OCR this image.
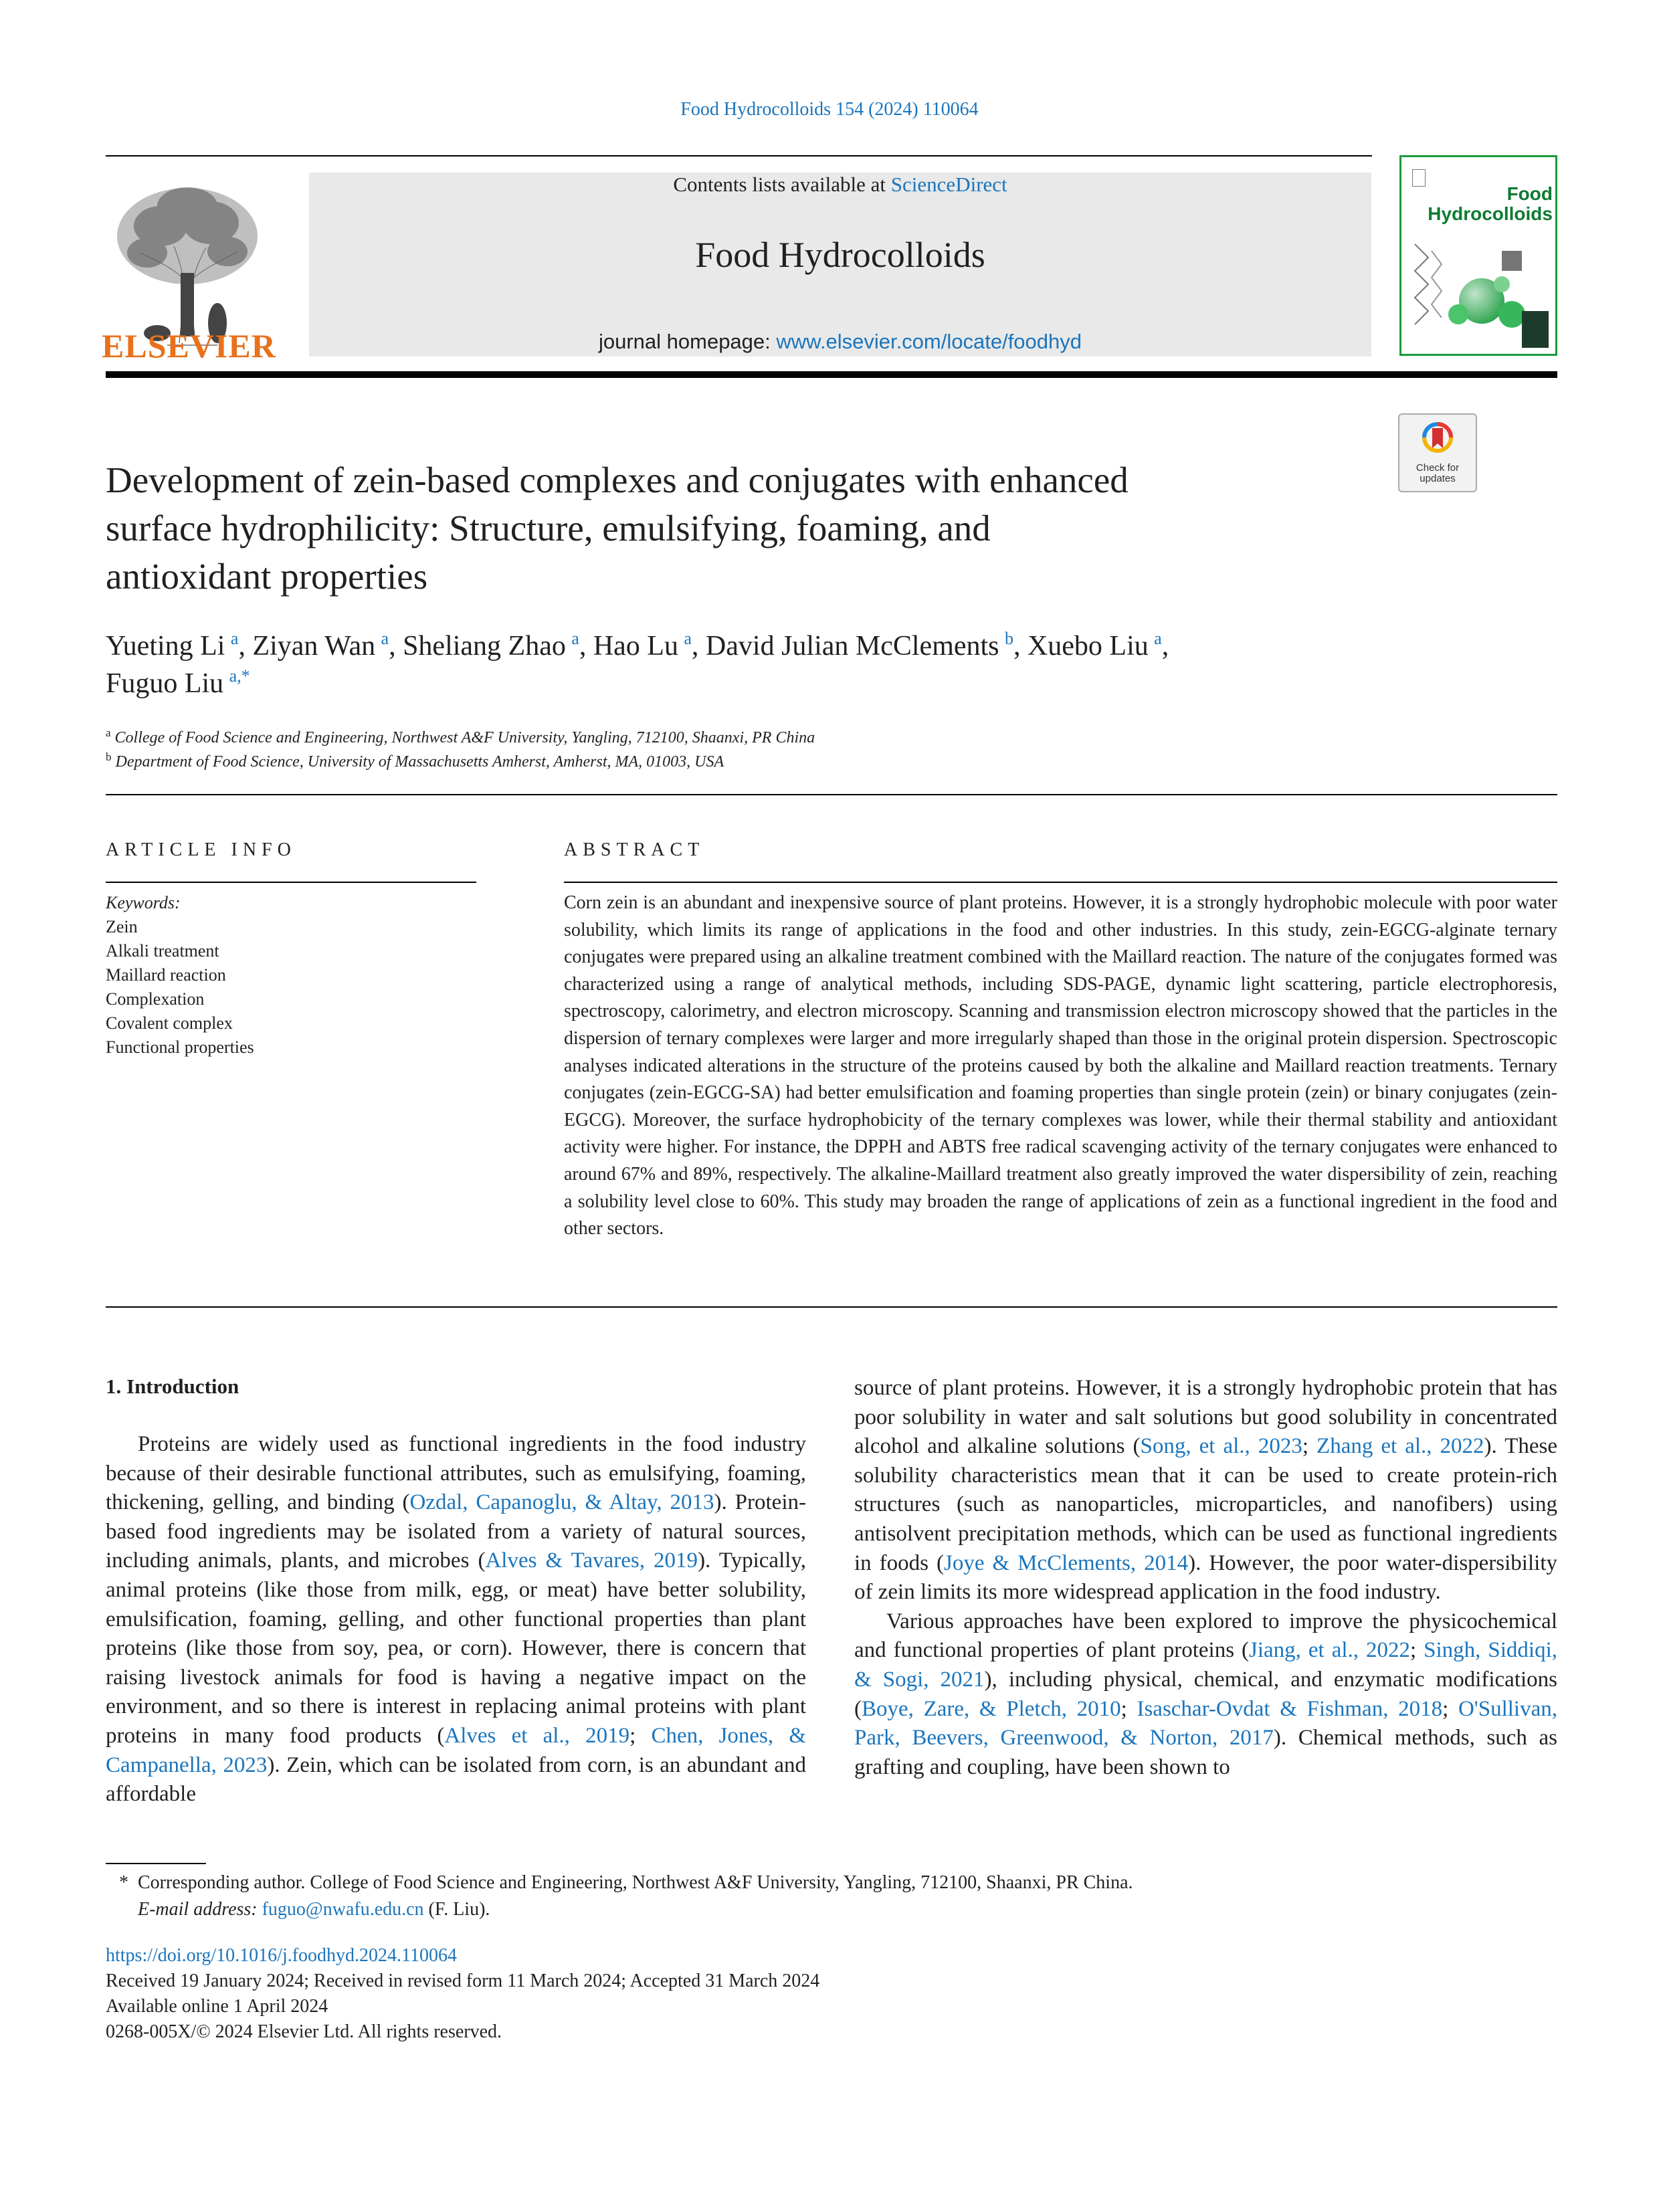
Food Hydrocolloids 154 (2024) 110064
ELSEVIER
Contents lists available at ScienceDirect
Food Hydrocolloids
journal homepage: www.elsevier.com/locate/foodhyd
Food
Hydrocolloids
Check for
updates
Development of zein-based complexes and conjugates with enhanced
surface hydrophilicity: Structure, emulsifying, foaming, and
antioxidant properties
Yueting Li  $^a$, Ziyan Wan  $^a$, Sheliang Zhao  $^a$, Hao Lu  $^a$, David Julian McClements  $^b$, Xuebo Liu  $^a$,
Fuguo Liu  $^{a,*}$
$^a$ College of Food Science and Engineering, Northwest A&F University, Yangling, 712100, Shaanxi, PR China
$^b$ Department of Food Science, University of Massachusetts Amherst, Amherst, MA, 01003, USA
ARTICLE INFO	ABSTRACT
Keywords:
Zein
Alkali treatment
Maillard reaction
Complexation
Covalent complex
Functional properties
Corn zein is an abundant and inexpensive source of plant proteins. However, it is a strongly hydrophobic molecule with poor water solubility, which limits its range of applications in the food and other industries. In this study, zein-EGCG-alginate ternary conjugates were prepared using an alkaline treatment combined with the Maillard reaction. The nature of the conjugates formed was characterized using a range of analytical methods, including SDS-PAGE, dynamic light scattering, particle electrophoresis, spectroscopy, calorimetry, and electron microscopy. Scanning and transmission electron microscopy showed that the particles in the dispersion of ternary complexes were larger and more irregularly shaped than those in the original protein dispersion. Spectroscopic analyses indicated alterations in the structure of the proteins caused by both the alkaline and Maillard reaction treatments. Ternary conjugates (zein-EGCG-SA) had better emulsification and foaming properties than single protein (zein) or binary conjugates (zein-EGCG). Moreover, the surface hydrophobicity of the ternary complexes was lower, while their thermal stability and antioxidant activity were higher. For instance, the DPPH and ABTS free radical scavenging activity of the ternary conjugates were enhanced to around 67% and 89%, respectively. The alkaline-Maillard treatment also greatly improved the water dispersibility of zein, reaching a solubility level close to 60%. This study may broaden the range of applications of zein as a functional ingredient in the food and other sectors.
1. Introduction

Proteins are widely used as functional ingredients in the food industry because of their desirable functional attributes, such as emulsifying, foaming, thickening, gelling, and binding (Ozdal, Capanoglu, & Altay, 2013). Protein-based food ingredients may be isolated from a variety of natural sources, including animals, plants, and microbes (Alves & Tavares, 2019). Typically, animal proteins (like those from milk, egg, or meat) have better solubility, emulsification, foaming, gelling, and other functional properties than plant proteins (like those from soy, pea, or corn). However, there is concern that raising livestock animals for food is having a negative impact on the environment, and so there is interest in replacing animal proteins with plant proteins in many food products (Alves et al., 2019; Chen, Jones, & Campanella, 2023). Zein, which can be isolated from corn, is an abundant and affordable

source of plant proteins. However, it is a strongly hydrophobic protein that has poor solubility in water and salt solutions but good solubility in concentrated alcohol and alkaline solutions (Song, et al., 2023; Zhang et al., 2022). These solubility characteristics mean that it can be used to create protein-rich structures (such as nanoparticles, microparticles, and nanofibers) using antisolvent precipitation methods, which can be used as functional ingredients in foods (Joye & McClements, 2014). However, the poor water-dispersibility of zein limits its more widespread application in the food industry.

Various approaches have been explored to improve the physicochemical and functional properties of plant proteins (Jiang, et al., 2022; Singh, Siddiqi, & Sogi, 2021), including physical, chemical, and enzymatic modifications (Boye, Zare, & Pletch, 2010; Isaschar-Ovdat & Fishman, 2018; O'Sullivan, Park, Beevers, Greenwood, & Norton, 2017). Chemical methods, such as grafting and coupling, have been shown to

* Corresponding author. College of Food Science and Engineering, Northwest A&F University, Yangling, 712100, Shaanxi, PR China.
E-mail address: fuguo@nwafu.edu.cn (F. Liu).
https://doi.org/10.1016/j.foodhyd.2024.110064
Received 19 January 2024; Received in revised form 11 March 2024; Accepted 31 March 2024
Available online 1 April 2024
0268-005X/© 2024 Elsevier Ltd. All rights reserved.
